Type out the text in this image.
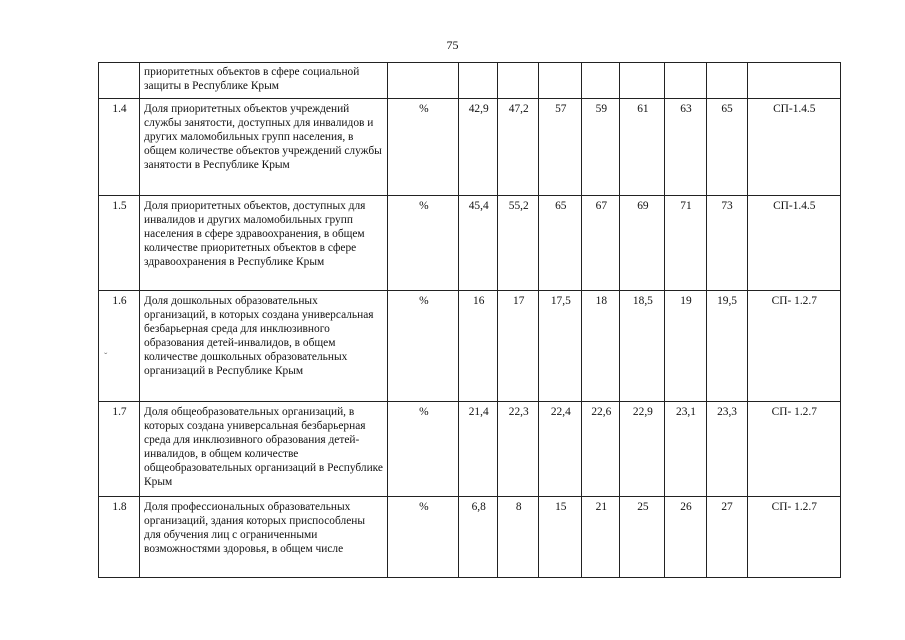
75
	приоритетных объектов в сфере социальной защиты в Республике Крым									
1.4	Доля приоритетных объектов учреждений службы занятости, доступных для инвалидов и других маломобильных групп населения, в общем количестве объектов учреждений службы занятости в Республике Крым	%	42,9	47,2	57	59	61	63	65	СП-1.4.5
1.5	Доля приоритетных объектов, доступных для инвалидов и других маломобильных групп населения в сфере здравоохранения, в общем количестве приоритетных объектов в сфере здравоохранения в Республике Крым	%	45,4	55,2	65	67	69	71	73	СП-1.4.5
1.6	Доля дошкольных образовательных организаций, в которых создана универсальная безбарьерная среда для инклюзивного образования детей-инвалидов, в общем количестве дошкольных образовательных организаций в Республике Крым	%	16	17	17,5	18	18,5	19	19,5	СП- 1.2.7
1.7	Доля общеобразовательных организаций, в которых создана универсальная безбарьерная среда для инклюзивного образования детей-инвалидов, в общем количестве общеобразовательных организаций в Республике Крым	%	21,4	22,3	22,4	22,6	22,9	23,1	23,3	СП- 1.2.7
1.8	Доля профессиональных образовательных организаций, здания которых приспособлены для обучения лиц с ограниченными возможностями здоровья, в общем числе	%	6,8	8	15	21	25	26	27	СП- 1.2.7
ˇ
